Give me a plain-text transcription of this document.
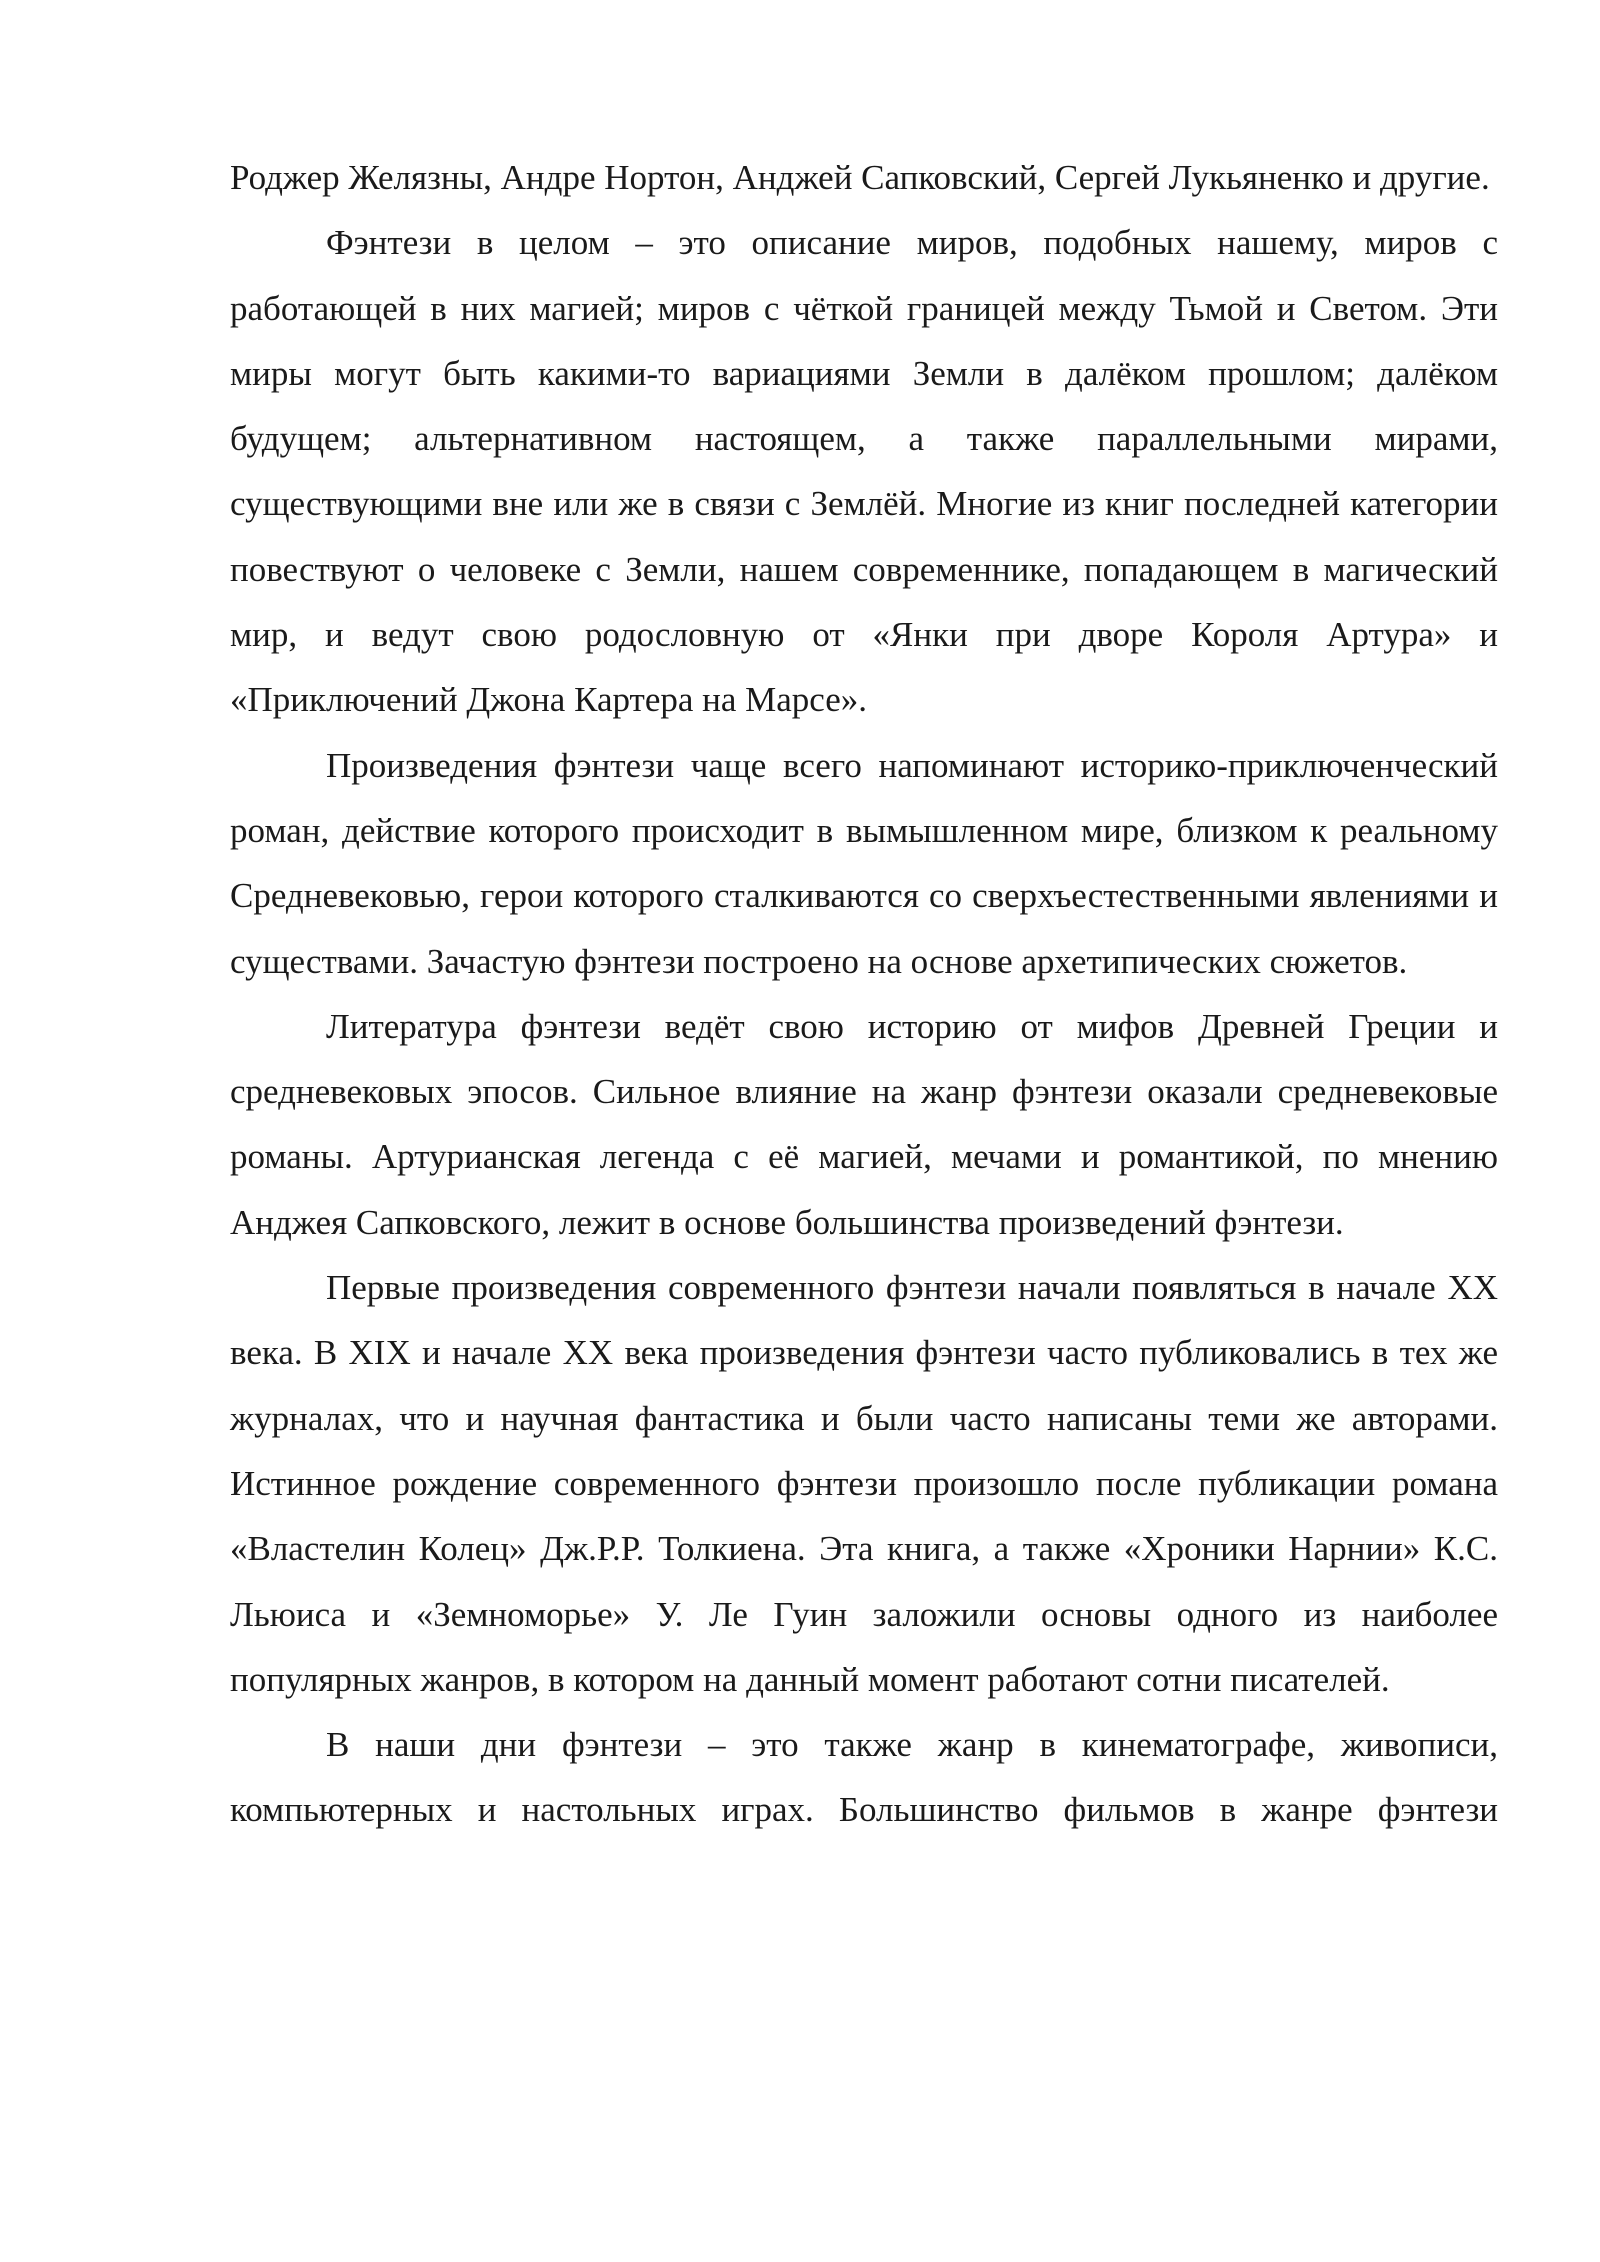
Роджер Желязны, Андре Нортон, Анджей Сапковский, Сергей Лукьяненко и другие.

Фэнтези в целом – это описание миров, подобных нашему, миров с работающей в них магией; миров с чёткой границей между Тьмой и Светом. Эти миры могут быть какими-то вариациями Земли в далёком прошлом; далёком будущем; альтернативном настоящем, а также параллельными мирами, существующими вне или же в связи с Землёй. Многие из книг последней категории повествуют о человеке с Земли, нашем современнике, попадающем в магический мир, и ведут свою родословную от «Янки при дворе Короля Артура» и «Приключений Джона Картера на Марсе».

Произведения фэнтези чаще всего напоминают историко-приключенческий роман, действие которого происходит в вымышленном мире, близком к реальному Средневековью, герои которого сталкиваются со сверхъестественными явлениями и существами. Зачастую фэнтези построено на основе архетипических сюжетов.

Литература фэнтези ведёт свою историю от мифов Древней Греции и средневековых эпосов. Сильное влияние на жанр фэнтези оказали средневековые романы. Артурианская легенда с её магией, мечами и романтикой, по мнению Анджея Сапковского, лежит в основе большинства произведений фэнтези.

Первые произведения современного фэнтези начали появляться в начале XX века. В XIX и начале XX века произведения фэнтези часто публиковались в тех же журналах, что и научная фантастика и были часто написаны теми же авторами. Истинное рождение современного фэнтези произошло после публикации романа «Властелин Колец» Дж.Р.Р. Толкиена. Эта книга, а также «Хроники Нарнии» К.С. Льюиса и «Земноморье» У. Ле Гуин заложили основы одного из наиболее популярных жанров, в котором на данный момент работают сотни писателей.

В наши дни фэнтези – это также жанр в кинематографе, живописи, компьютерных и настольных играх. Большинство фильмов в жанре фэнтези
